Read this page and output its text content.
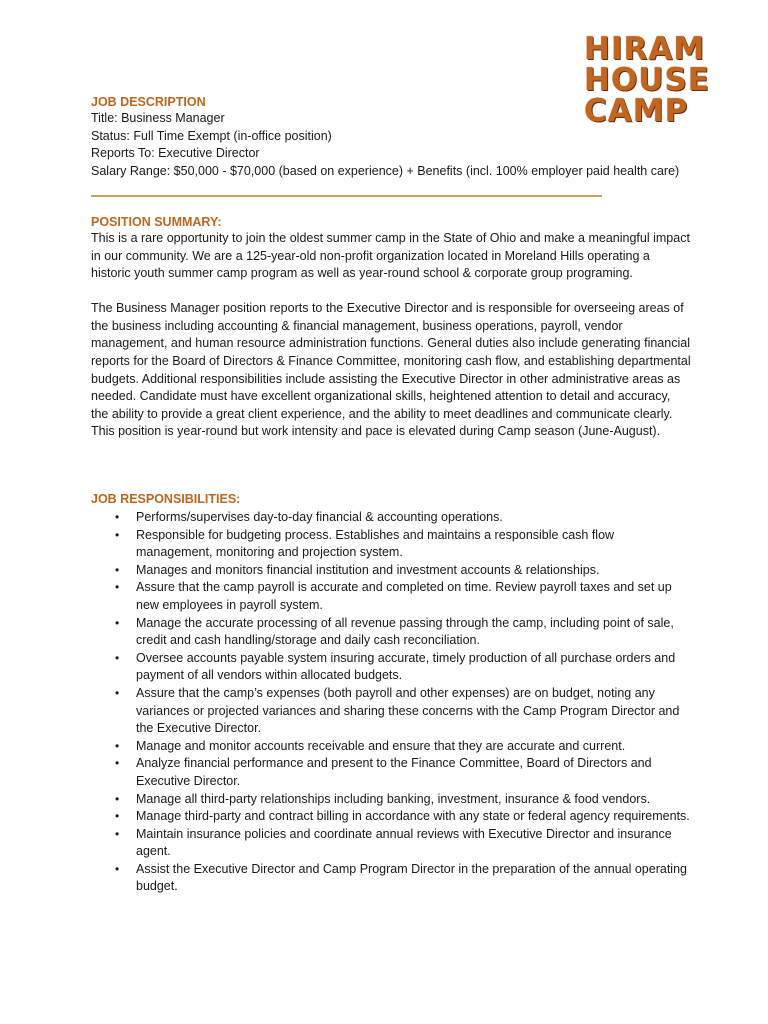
HIRAM
HOUSE
CAMP
JOB DESCRIPTION
Title: Business Manager
Status: Full Time Exempt (in-office position)
Reports To: Executive Director
Salary Range: $50,000 - $70,000 (based on experience) + Benefits (incl. 100% employer paid health care)
POSITION SUMMARY:

This is a rare opportunity to join the oldest summer camp in the State of Ohio and make a meaningful impact in our community. We are a 125-year-old non-profit organization located in Moreland Hills operating a historic youth summer camp program as well as year-round school & corporate group programing.

The Business Manager position reports to the Executive Director and is responsible for overseeing areas of the business including accounting & financial management, business operations, payroll, vendor management, and human resource administration functions. General duties also include generating financial reports for the Board of Directors & Finance Committee, monitoring cash flow, and establishing departmental budgets. Additional responsibilities include assisting the Executive Director in other administrative areas as needed. Candidate must have excellent organizational skills, heightened attention to detail and accuracy, the ability to provide a great client experience, and the ability to meet deadlines and communicate clearly. This position is year-round but work intensity and pace is elevated during Camp season (June-August).

JOB RESPONSIBILITIES:
• Performs/supervises day-to-day financial & accounting operations.
• Responsible for budgeting process. Establishes and maintains a responsible cash flow management, monitoring and projection system.
• Manages and monitors financial institution and investment accounts & relationships.
• Assure that the camp payroll is accurate and completed on time. Review payroll taxes and set up new employees in payroll system.
• Manage the accurate processing of all revenue passing through the camp, including point of sale, credit and cash handling/storage and daily cash reconciliation.
• Oversee accounts payable system insuring accurate, timely production of all purchase orders and payment of all vendors within allocated budgets.
• Assure that the camp’s expenses (both payroll and other expenses) are on budget, noting any variances or projected variances and sharing these concerns with the Camp Program Director and the Executive Director.
• Manage and monitor accounts receivable and ensure that they are accurate and current.
• Analyze financial performance and present to the Finance Committee, Board of Directors and Executive Director.
• Manage all third-party relationships including banking, investment, insurance & food vendors.
• Manage third-party and contract billing in accordance with any state or federal agency requirements.
• Maintain insurance policies and coordinate annual reviews with Executive Director and insurance agent.
• Assist the Executive Director and Camp Program Director in the preparation of the annual operating budget.
